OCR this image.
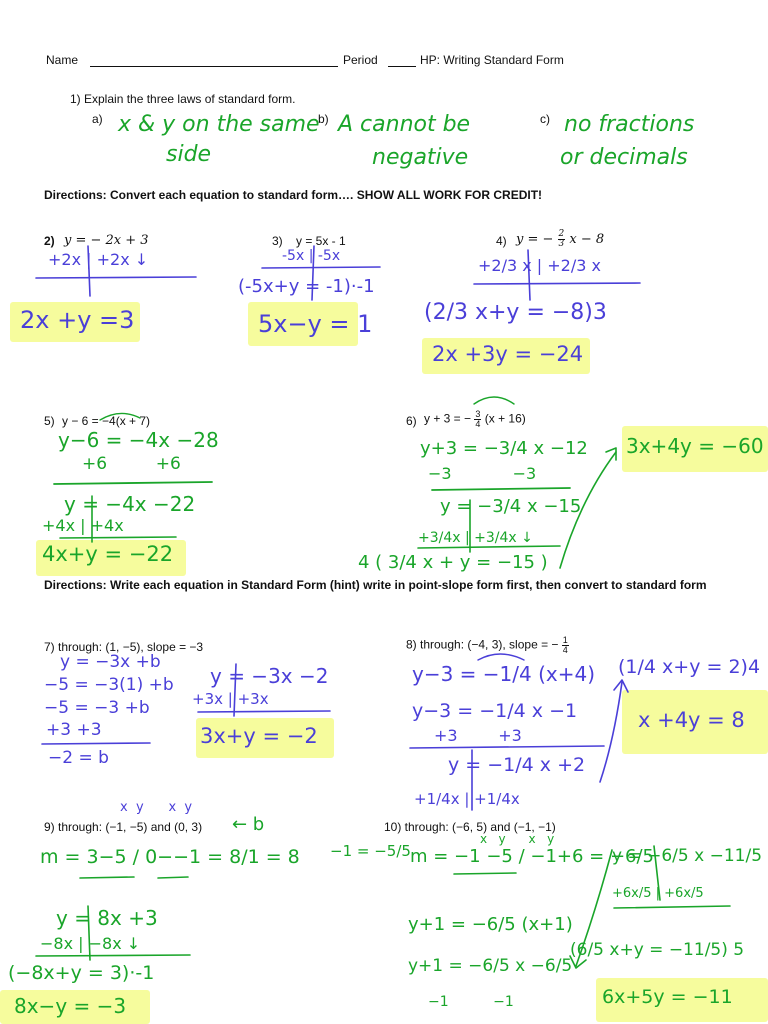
Name	Period	HP: Writing Standard Form
1) Explain the three laws of standard form.
a) x & y on the same
side
b) A cannot be
negative
c) no fractions
or decimals
Directions: Convert each equation to standard form…. SHOW ALL WORK FOR CREDIT!
2) y = − 2x + 3
+2x | +2x ↓
2x +y =3
3) y = 5x - 1
-5x | -5x
(-5x+y = -1)·-1
5x−y = 1
4) y = − $\frac{2}{3}$ x − 8
+2/3 x | +2/3 x
(2/3 x+y = −8)3
2x +3y = −24
5) y − 6 = −4(x + 7)
y−6 = −4x −28
+6         +6
y = −4x −22
+4x | +4x
4x+y = −22
6) y + 3 = − $\frac{3}{4} (x + 16)$
y+3 = −3/4 x −12
−3            −3
y = −3/4 x −15
+3/4x | +3/4x ↓
4 ( 3/4 x + y = −15 )
3x+4y = −60
Directions: Write each equation in Standard Form (hint) write in point-slope form first, then convert to standard form
7) through: (1, −5), slope = −3
y = −3x +b
−5 = −3(1) +b
−5 = −3 +b
+3 +3
−2 = b
y = −3x −2
+3x | +3x
3x+y = −2
8) through: (−4, 3), slope = − $\frac{1}{4}$
y−3 = −1/4 (x+4)
y−3 = −1/4 x −1
+3        +3
y = −1/4 x +2
+1/4x | +1/4x
(1/4 x+y = 2)4
x +4y = 8
x  y      x  y
9) through: (−1, −5) and (0, 3) ← b
m = 3−5 / 0−−1 = 8/1 = 8
y = 8x +3
−8x | −8x ↓
(−8x+y = 3)·-1
8x−y = −3
10) through: (−6, 5) and (−1, −1)
x   y      x   y
−1 = −5/5 m = −1 −5 / −1+6 = −6/5
y+1 = −6/5 (x+1)
y+1 = −6/5 x −6/5
−1          −1
y = −6/5 x −11/5
+6x/5 | +6x/5
(6/5 x+y = −11/5) 5
6x+5y = −11
